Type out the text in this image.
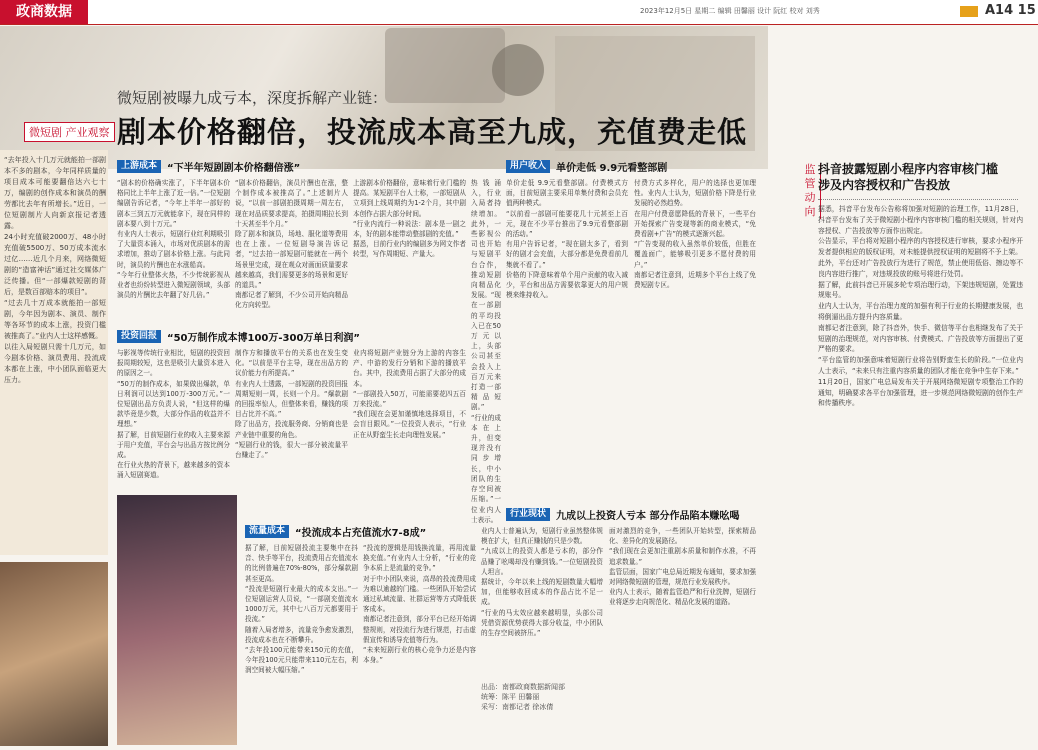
政商数据	2023年12月5日 星期二 编辑 田馨丽 设计 阮红 校对 刘秀	A14 15
微短剧被曝九成亏本，深度拆解产业链：
微短剧 产业观察 剧本价格翻倍，投流成本高至九成，充值费走低
“去年投入十几万元就能拍一部剧本不多的剧本，今年同样质量的项目成本可能要翻倍达六七十万，编剧的创作成本和演员的酬劳都比去年有所增长。”近日，一位短剧制片人向新京报记者透露。
24小时充值破2000万、48小时充值破5500万、50万成本流水过亿……近几个月来，网络微短剧的“造富神话”通过社交媒体广泛传播。但“一部爆款短剧的背后，是数百部赔本的项目”。
“过去几十万成本就能拍一部短剧，今年因为剧本、演员、制作等各环节的成本上涨，投资门槛被推高了。”业内人士这样感慨。
以往入局短剧只需十几万元，如今剧本价格、演员费用、投流成本都在上涨，中小团队面临更大压力。
上游成本	“下半年短剧剧本价格翻倍涨”
“剧本的价格确实涨了，下半年剧本价格同比上半年上涨了近一倍。”一位短剧编剧告诉记者，“今年上半年一部好的剧本三到五万元就能拿下，现在同样的剧本要八到十万元。”
有业内人士表示，短剧行业红利期吸引了大量资本涌入，市场对优质剧本的需求增加，推动了剧本价格上涨。与此同时，演员的片酬也在水涨船高。
“今年行业整体火热，不少传统影视从业者也纷纷转型进入微短剧领域，头部演员的片酬比去年翻了好几倍。”
“剧本价格翻倍，演员片酬也在涨，整个制作成本被推高了。”上述制片人说，“以前一部剧拍摄周期一周左右，现在对品质要求提高，拍摄周期拉长到十天甚至半个月。”
除了剧本和演员，场地、服化道等费用也在上涨。一位短剧导演告诉记者，“过去拍一部短剧可能就在一两个场景里完成，现在观众对画面质量要求越来越高，我们需要更多的场景和更好的道具。”
南都记者了解到，不少公司开始向精品化方向转型。
上游剧本价格翻倍，意味着行业门槛的提高。某短剧平台人士称，一部短剧从立项到上线周期约为1-2个月，其中剧本创作占据大部分时间。
“行业内流行一种说法：剧本是一剧之本，好的剧本能带动整部剧的充值。”
据悉，目前行业内的编剧多为网文作者转型，写作周期短、产量大。
热钱涌入，行业入局者持续增加。此外，一些影视公司也开始与短剧平台合作，推动短剧向精品化发展。“现在一部剧的平均投入已在50万元以上，头部公司甚至会投入上百万元来打造一部精品短剧。”
“行业的成本在上升，但变现并没有同步增长，中小团队的生存空间被压缩。”一位业内人士表示。
投资回报	“50万制作成本博100万-300万单日利润”
与影视等传统行业相比，短剧的投资回报周期较短，这也是吸引大量资本进入的原因之一。
“50万的制作成本，如果做出爆款，单日利润可以达到100万-300万元。”一位短剧出品方负责人说，“但这样的爆款毕竟是少数，大部分作品的收益并不理想。”
据了解，目前短剧行业的收入主要来源于用户充值，平台会与出品方按比例分成。
在行业火热的背景下，越来越多的资本涌入短剧赛道。
制作方和播放平台的关系也在发生变化。“以前是平台主导，现在出品方的议价能力有所提高。”
有业内人士透露，一部短剧的投资回报周期短则一周，长则一个月。“爆款剧的回报率惊人，但整体来看，赚钱的项目占比并不高。”
除了出品方，投流服务商、分销商也是产业链中重要的角色。
“短剧行业的钱，很大一部分被流量平台赚走了。”
业内将短剧产业链分为上游的内容生产、中游的发行分销和下游的播放平台。其中，投流费用占据了大部分的成本。
“一部剧投入50万，可能需要花四五百万来投流。”
“我们现在会更加谨慎地选择项目，不会盲目跟风。”一位投资人表示，“行业正在从野蛮生长走向理性发展。”
流量成本	“投流成本占充值流水7-8成”
据了解，目前短剧投流主要集中在抖音、快手等平台，投流费用占充值流水的比例普遍在70%-80%，部分爆款剧甚至更高。
“投流是短剧行业最大的成本支出。”一位短剧运营人员说，“一部剧充值流水1000万元，其中七八百万元都要用于投流。”
随着入局者增多，流量竞争愈发激烈，投流成本也在不断攀升。
“去年投100元能带来150元的充值，今年投100元只能带来110元左右，利润空间被大幅压缩。”
“投流的逻辑是用钱换流量，再用流量换充值。”有业内人士分析，“行业的竞争本质上是流量的竞争。”
对于中小团队来说，高昂的投流费用成为难以逾越的门槛。一些团队开始尝试通过私域流量、社群运营等方式降低获客成本。
南都记者注意到，部分平台已经开始调整规则，对投流行为进行规范，打击虚假宣传和诱导充值等行为。
“未来短剧行业的核心竞争力还是内容本身。”
用户收入	单价走低 9.9元看整部剧
单价走低 9.9元看整部剧。付费模式方面，目前短剧主要采用单集付费和会员充值两种模式。
“以前看一部剧可能要花几十元甚至上百元，现在不少平台推出了9.9元看整部剧的活动。”
有用户告诉记者，“现在剧太多了，看到好的剧才会充值，大部分都是免费看前几集就不看了。”
价格的下降意味着单个用户贡献的收入减少，平台和出品方需要依靠更大的用户规模来维持收入。
付费方式多样化，用户的选择也更加理性。业内人士认为，短剧价格下降是行业发展的必然趋势。
在用户付费意愿降低的背景下，一些平台开始探索广告变现等新的商业模式，“免费看剧+广告”的模式逐渐兴起。
“广告变现的收入虽然单价较低，但胜在覆盖面广，能够吸引更多不愿付费的用户。”
南都记者注意到，近期多个平台上线了免费短剧专区。
行业现状	九成以上投资人亏本 部分作品陷本赚吆喝
业内人士普遍认为，短剧行业虽然整体规模在扩大，但真正赚钱的只是少数。
“九成以上的投资人都是亏本的，部分作品赚了吆喝却没有赚到钱。”一位短剧投资人坦言。
据统计，今年以来上线的短剧数量大幅增加，但能够收回成本的作品占比不足一成。
“行业的马太效应越来越明显，头部公司凭借资源优势获得大部分收益，中小团队的生存空间被挤压。”
面对激烈的竞争，一些团队开始转型，探索精品化、差异化的发展路径。
“我们现在会更加注重剧本质量和制作水准，不再追求数量。”
监管层面，国家广电总局近期发布通知，要求加强对网络微短剧的管理，规范行业发展秩序。
业内人士表示，随着监管趋严和行业洗牌，短剧行业将逐步走向规范化、精品化发展的道路。
出品：南都政商数据新闻部
统筹：陈平 田馨丽
采写：南都记者 徐冰倩
监管动向
抖音披露短剧小程序内容审核门槛
涉及内容授权和广告投放
据悉，抖音平台发布公告称将加强对短剧的治理工作，11月28日，抖音平台发布了关于微短剧小程序内容审核门槛的相关规则，针对内容授权、广告投放等方面作出规定。
公告显示，平台将对短剧小程序的内容授权进行审核，要求小程序开发者提供相应的版权证明，对未能提供授权证明的短剧将不予上架。
此外，平台还对广告投放行为进行了规范，禁止使用低俗、擦边等不良内容进行推广，对违规投放的账号将进行处罚。
据了解，此前抖音已开展多轮专项治理行动，下架违规短剧，处置违规账号。
业内人士认为，平台治理力度的加强有利于行业的长期健康发展，也将倒逼出品方提升内容质量。
南都记者注意到，除了抖音外，快手、微信等平台也相继发布了关于短剧的治理规范，对内容审核、付费模式、广告投放等方面提出了更严格的要求。
“平台监管的加强意味着短剧行业将告别野蛮生长的阶段。”一位业内人士表示，“未来只有注重内容质量的团队才能在竞争中生存下来。”
11月20日，国家广电总局发布关于开展网络微短剧专项整治工作的通知，明确要求各平台加强管理，进一步规范网络微短剧的创作生产和传播秩序。
